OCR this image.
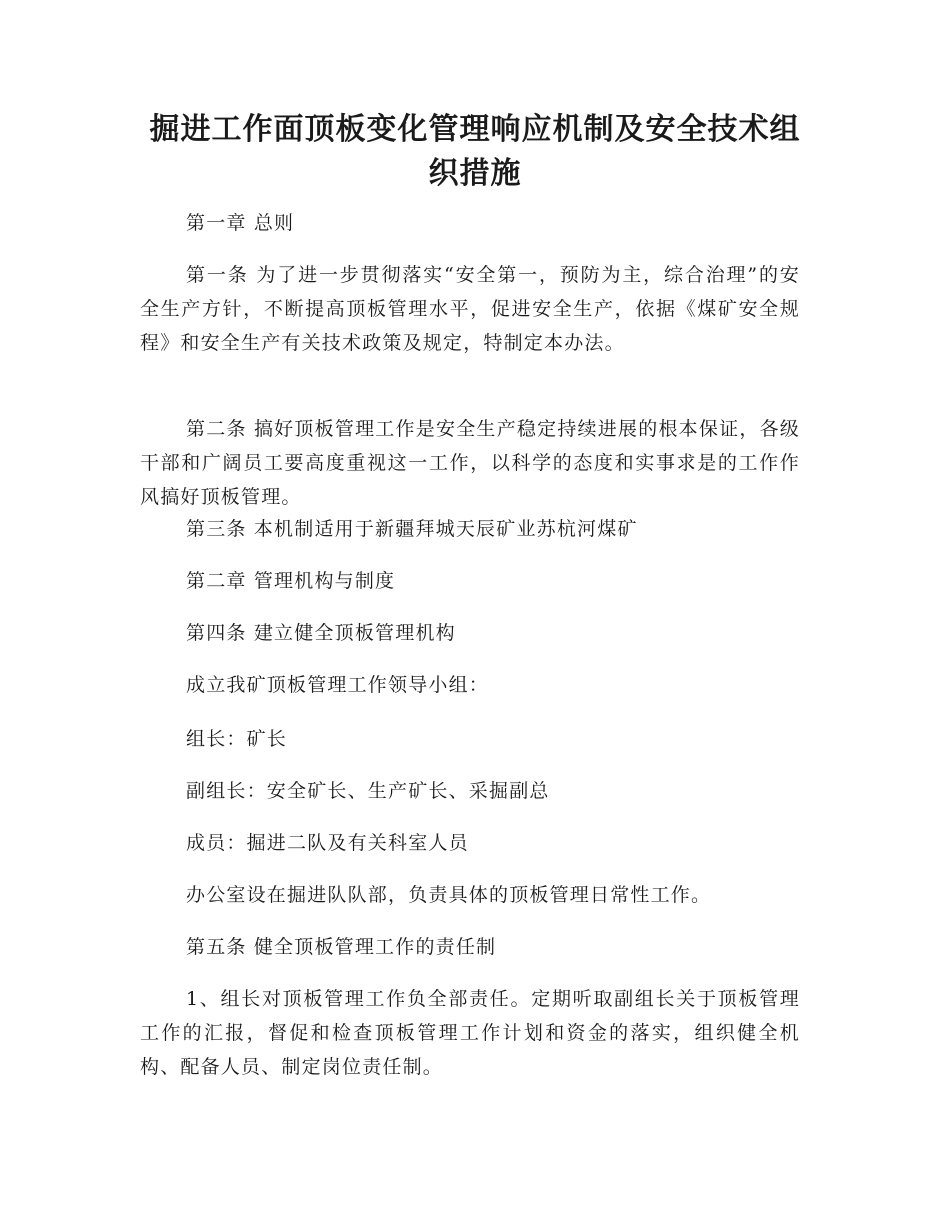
掘进工作面顶板变化管理响应机制及安全技术组织措施

第一章 总则

第一条 为了进一步贯彻落实“安全第一，预防为主，综合治理”的安全生产方针，不断提高顶板管理水平，促进安全生产，依据《煤矿安全规程》和安全生产有关技术政策及规定，特制定本办法。

第二条 搞好顶板管理工作是安全生产稳定持续进展的根本保证，各级干部和广阔员工要高度重视这一工作，以科学的态度和实事求是的工作作风搞好顶板管理。

第三条 本机制适用于新疆拜城天辰矿业苏杭河煤矿

第二章 管理机构与制度

第四条 建立健全顶板管理机构

成立我矿顶板管理工作领导小组：

组长：矿长

副组长：安全矿长、生产矿长、采掘副总

成员：掘进二队及有关科室人员

办公室设在掘进队队部，负责具体的顶板管理日常性工作。

第五条 健全顶板管理工作的责任制

1、组长对顶板管理工作负全部责任。定期听取副组长关于顶板管理工作的汇报，督促和检查顶板管理工作计划和资金的落实，组织健全机构、配备人员、制定岗位责任制。
